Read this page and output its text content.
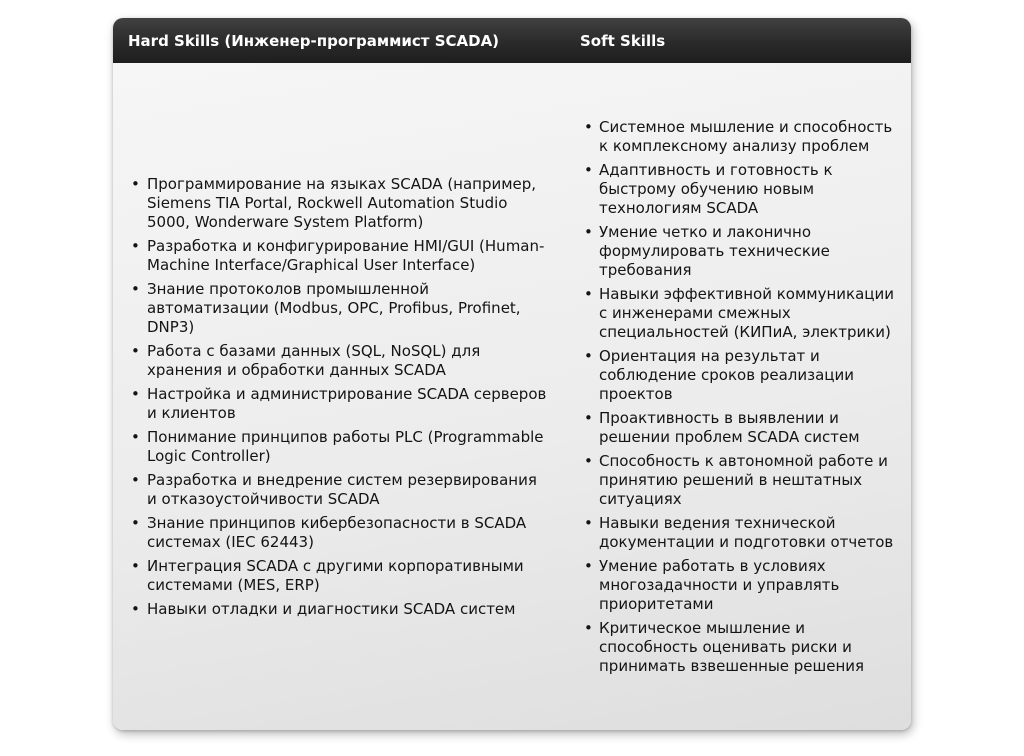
Hard Skills (Инженер-программист SCADA)	Soft Skills
• Программирование на языках SCADA (например, Siemens TIA Portal, Rockwell Automation Studio 5000, Wonderware System Platform)
• Разработка и конфигурирование HMI/GUI (Human-Machine Interface/Graphical User Interface)
• Знание протоколов промышленной автоматизации (Modbus, OPC, Profibus, Profinet, DNP3)
• Работа с базами данных (SQL, NoSQL) для хранения и обработки данных SCADA
• Настройка и администрирование SCADA серверов и клиентов
• Понимание принципов работы PLC (Programmable Logic Controller)
• Разработка и внедрение систем резервирования и отказоустойчивости SCADA
• Знание принципов кибербезопасности в SCADA системах (IEC 62443)
• Интеграция SCADA с другими корпоративными системами (MES, ERP)
• Навыки отладки и диагностики SCADA систем
• Системное мышление и способность к комплексному анализу проблем
• Адаптивность и готовность к быстрому обучению новым технологиям SCADA
• Умение четко и лаконично формулировать технические требования
• Навыки эффективной коммуникации с инженерами смежных специальностей (КИПиА, электрики)
• Ориентация на результат и соблюдение сроков реализации проектов
• Проактивность в выявлении и решении проблем SCADA систем
• Способность к автономной работе и принятию решений в нештатных ситуациях
• Навыки ведения технической документации и подготовки отчетов
• Умение работать в условиях многозадачности и управлять приоритетами
• Критическое мышление и способность оценивать риски и принимать взвешенные решения
